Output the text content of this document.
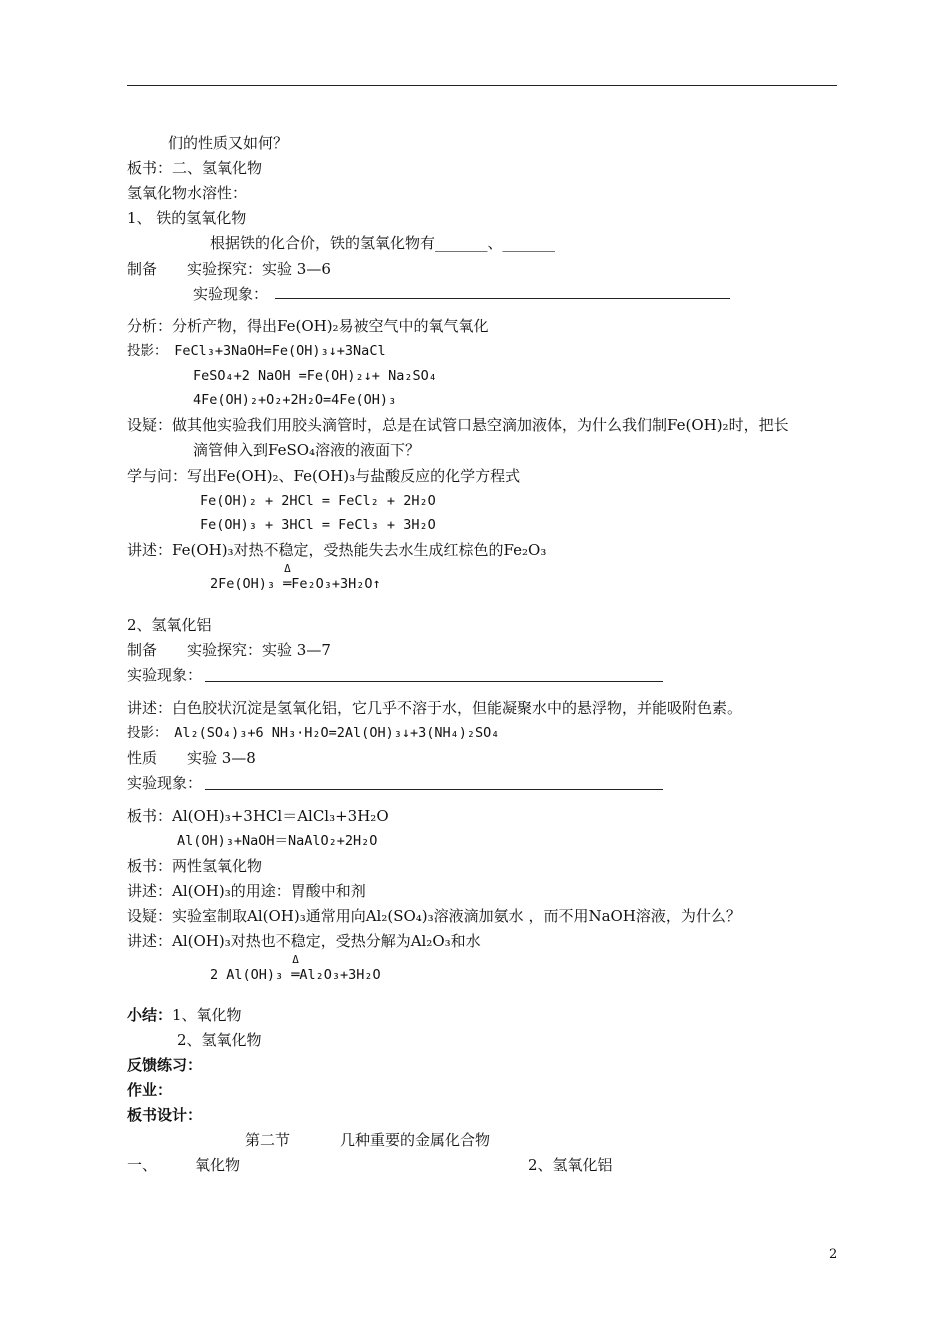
们的性质又如何？
板书：二、氢氧化物
氢氧化物水溶性：
1、 铁的氢氧化物
根据铁的化合价，铁的氢氧化物有_______、_______
制备　　实验探究：实验 3—6
实验现象：
分析：分析产物，得出Fe(OH)₂易被空气中的氧气氧化
投影：　FeCl₃+3NaOH=Fe(OH)₃↓+3NaCl
FeSO₄+2 NaOH =Fe(OH)₂↓+ Na₂SO₄
4Fe(OH)₂+O₂+2H₂O=4Fe(OH)₃
设疑：做其他实验我们用胶头滴管时，总是在试管口悬空滴加液体，为什么我们制Fe(OH)₂时，把长
滴管伸入到FeSO₄溶液的液面下？
学与问：写出Fe(OH)₂、Fe(OH)₃与盐酸反应的化学方程式
Fe(OH)₂ + 2HCl = FeCl₂ + 2H₂O
Fe(OH)₃ + 3HCl = FeCl₃ + 3H₂O
讲述：Fe(OH)₃对热不稳定，受热能失去水生成红棕色的Fe₂O₃
2Fe(OH)₃
Δ
═Fe₂O₃+3H₂O↑
2、氢氧化铝
制备　　实验探究：实验 3—7
实验现象：
讲述：白色胶状沉淀是氢氧化铝，它几乎不溶于水，但能凝聚水中的悬浮物，并能吸附色素。
投影：　Al₂(SO₄)₃+6 NH₃·H₂O=2Al(OH)₃↓+3(NH₄)₂SO₄
性质　　实验 3—8
实验现象：
板书：Al(OH)₃+3HCl＝AlCl₃+3H₂O
Al(OH)₃+NaOH＝NaAlO₂+2H₂O
板书：两性氢氧化物
讲述：Al(OH)₃的用途：胃酸中和剂
设疑：实验室制取Al(OH)₃通常用向Al₂(SO₄)₃溶液滴加氨水 ，而不用NaOH溶液，为什么？
讲述：Al(OH)₃对热也不稳定，受热分解为Al₂O₃和水
2 Al(OH)₃
Δ
═Al₂O₃+3H₂O
小结：1、氧化物
2、氢氧化物
反馈练习：
作业：
板书设计：
第二节	几种重要的金属化合物
一、	氧化物	2、氢氧化铝
2
